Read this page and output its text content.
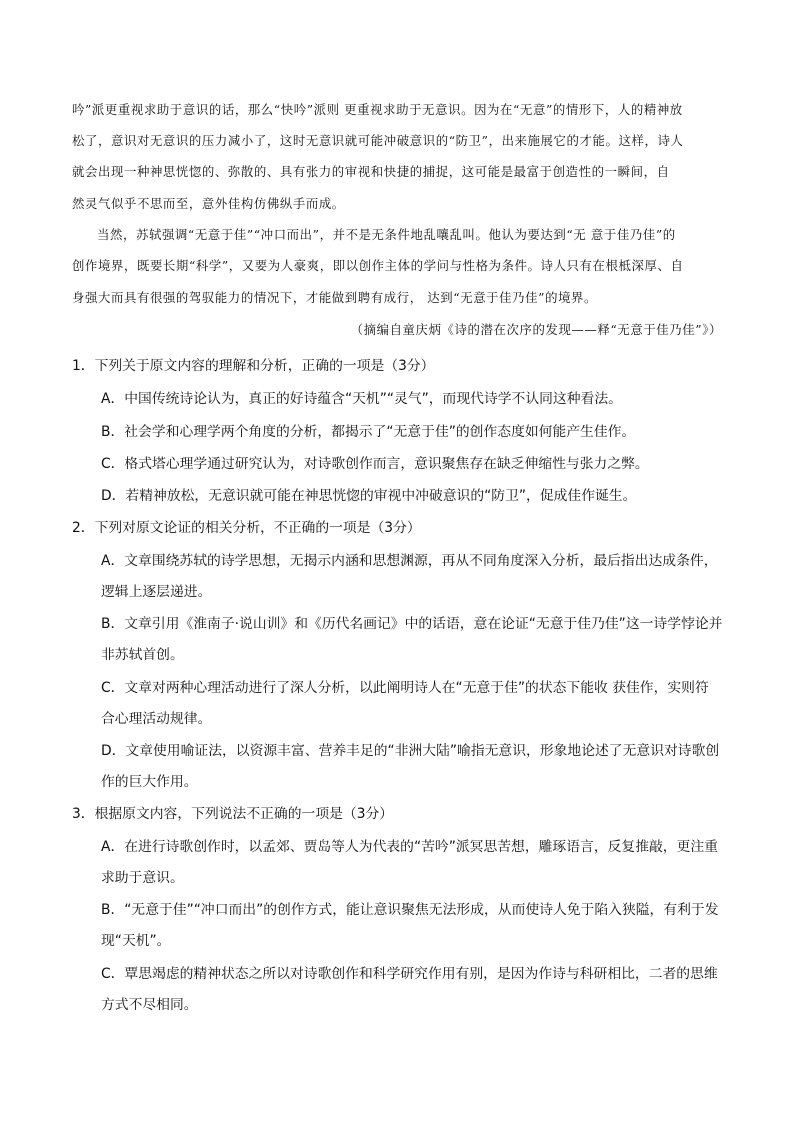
吟”派更重视求助于意识的话，那么“快吟”派则 更重视求助于无意识。因为在“无意”的情形下，人的精神放
松了，意识对无意识的压力减小了，这时无意识就可能冲破意识的“防卫”，出来施展它的才能。这样，诗人
就会出现一种神思恍惚的、弥散的、具有张力的审视和快捷的捕捉，这可能是最富于创造性的一瞬间，自
然灵气似乎不思而至，意外佳构仿佛纵手而成。
当然，苏轼强调“无意于佳”“冲口而出”，并不是无条件地乱嚷乱叫。他认为要达到“无 意于佳乃佳”的
创作境界，既要长期“科学”，又要为人豪爽，即以创作主体的学问与性格为条件。诗人只有在根柢深厚、自
身强大而具有很强的驾驭能力的情况下，才能做到聘有成行， 达到“无意于佳乃佳”的境界。
（摘编自童庆炳《诗的潜在次序的发现——释“无意于佳乃佳”》）
1．下列关于原文内容的理解和分析，正确的一项是（3分）
A．中国传统诗论认为，真正的好诗蕴含“天机”“灵气”，而现代诗学不认同这种看法。
B．社会学和心理学两个角度的分析，都揭示了“无意于佳”的创作态度如何能产生佳作。
C．格式塔心理学通过研究认为，对诗歌创作而言，意识聚焦存在缺乏伸缩性与张力之弊。
D．若精神放松，无意识就可能在神思恍惚的审视中冲破意识的“防卫”，促成佳作诞生。
2．下列对原文论证的相关分析，不正确的一项是（3分）
A．文章围绕苏轼的诗学思想，无揭示内涵和思想渊源，再从不同角度深入分析，最后指出达成条件，
逻辑上逐层递进。
B．文章引用《淮南子·说山训》和《历代名画记》中的话语，意在论证“无意于佳乃佳”这一诗学悖论并
非苏轼首创。
C．文章对两种心理活动进行了深人分析，以此阐明诗人在“无意于佳”的状态下能收 获佳作，实则符
合心理活动规律。
D．文章使用喻证法，以资源丰富、营养丰足的“非洲大陆”喻指无意识，形象地论述了无意识对诗歌创
作的巨大作用。
3．根据原文内容，下列说法不正确的一项是（3分）
A．在进行诗歌创作时，以孟郊、贾岛等人为代表的“苦吟”派冥思苦想，雕琢语言，反复推敲，更注重
求助于意识。
B．“无意于佳”“冲口而出”的创作方式，能让意识聚焦无法形成，从而使诗人免于陷入狭隘，有利于发
现“天机”。
C．覃思竭虑的精神状态之所以对诗歌创作和科学研究作用有别，是因为作诗与科研相比，二者的思维
方式不尽相同。
